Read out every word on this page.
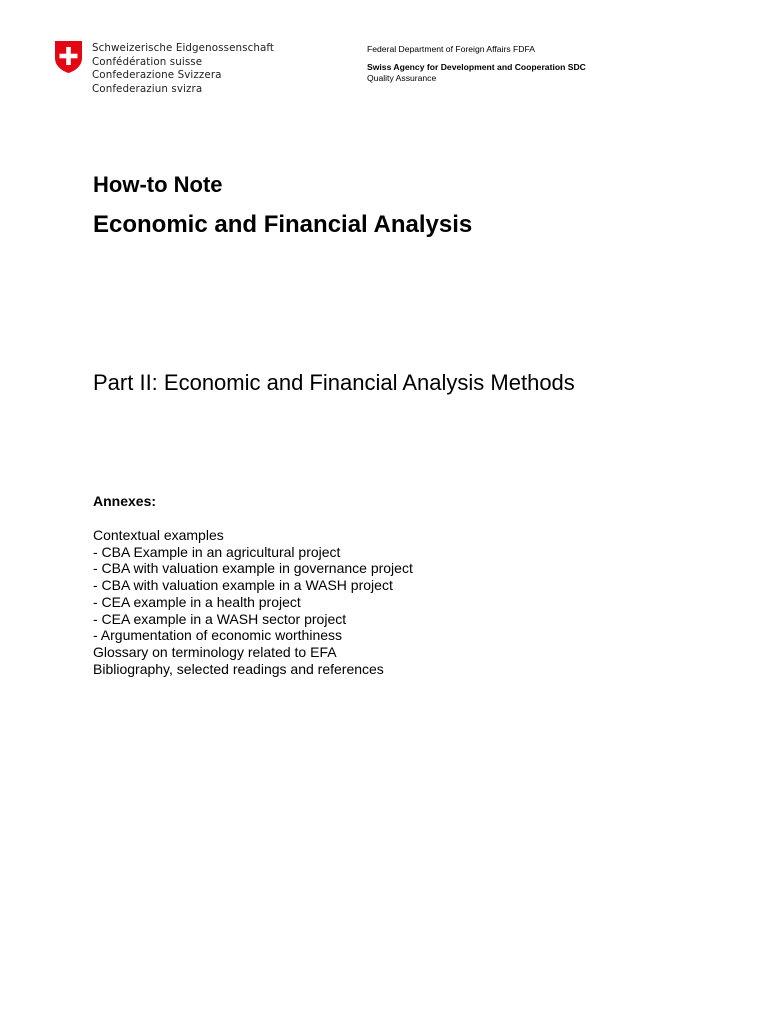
Schweizerische Eidgenossenschaft
Confédération suisse
Confederazione Svizzera
Confederaziun svizra
Federal Department of Foreign Affairs FDFA
Swiss Agency for Development and Cooperation SDC
Quality Assurance
How-to Note
Economic and Financial Analysis
Part II: Economic and Financial Analysis Methods
Annexes:
Contextual examples
- CBA Example in an agricultural project
- CBA with valuation example in governance project
- CBA with valuation example in a WASH project
- CEA example in a health project
- CEA example in a WASH sector project
- Argumentation of economic worthiness
Glossary on terminology related to EFA
Bibliography, selected readings and references
